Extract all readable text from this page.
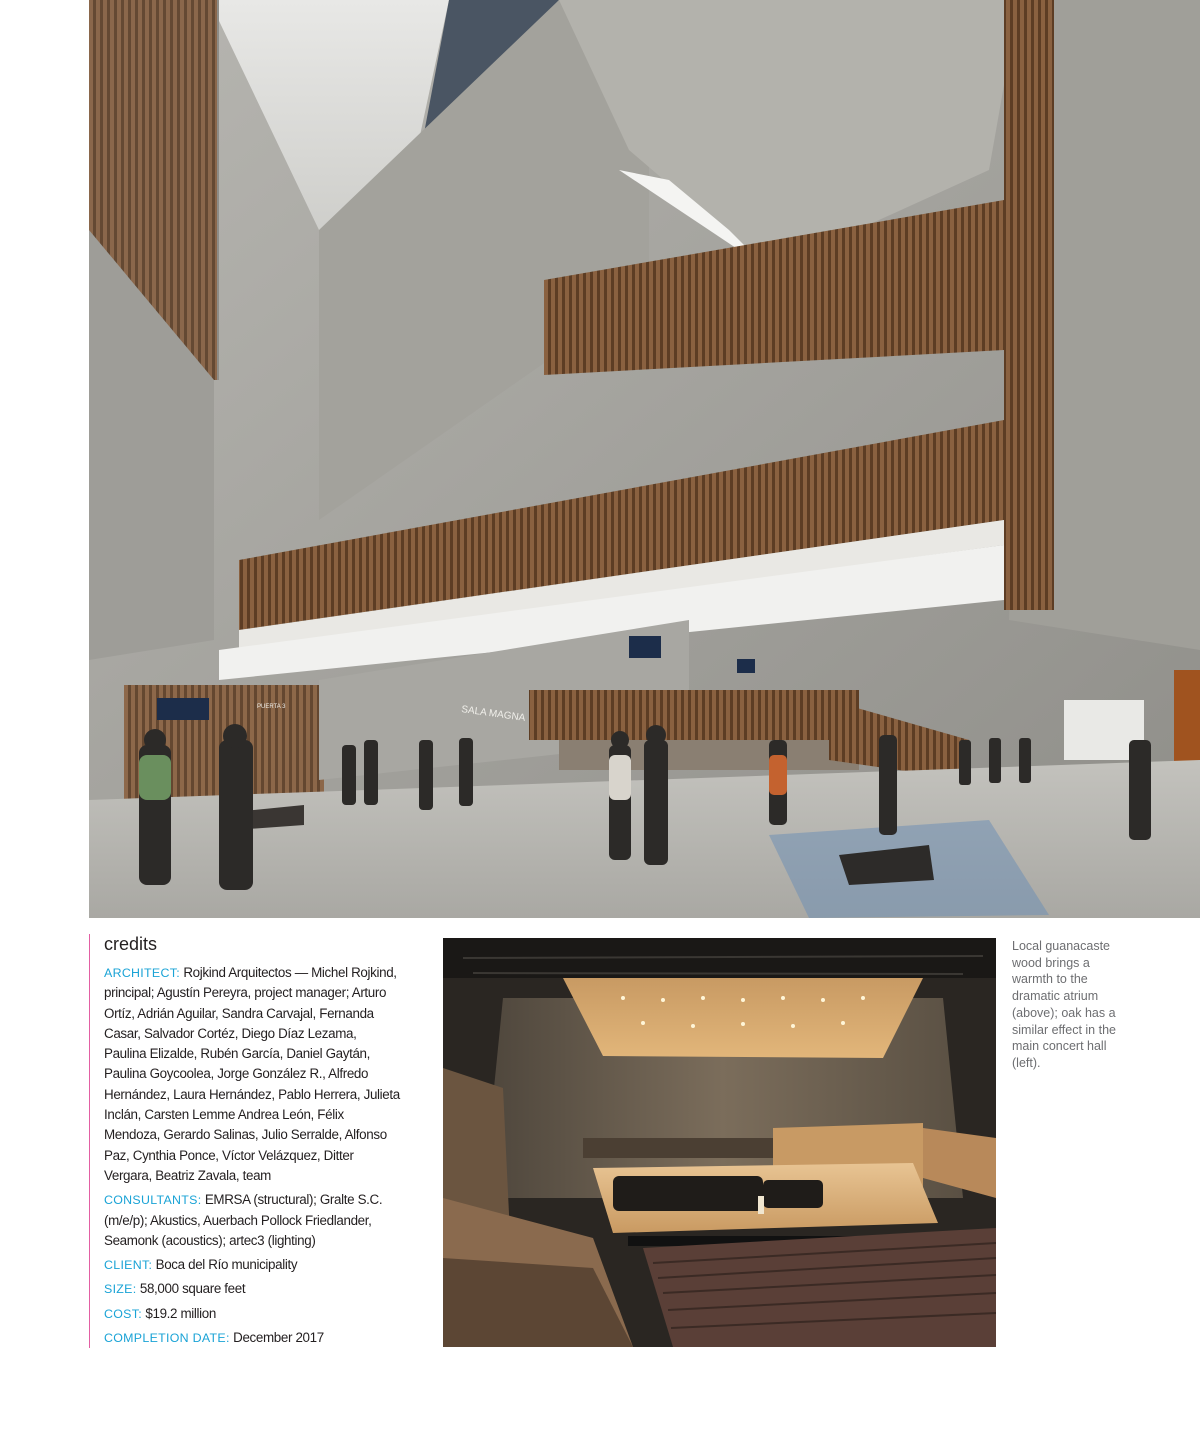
SALA MAGNA
PUERTA 3
credits
ARCHITECT: Rojkind Arquitectos — Michel Rojkind, principal; Agustín Pereyra, project manager; Arturo Ortíz, Adrián Aguilar, Sandra Carvajal, Fernanda Casar, Salvador Cortéz, Diego Díaz Lezama, Paulina Elizalde, Rubén García, Daniel Gaytán, Paulina Goycoolea, Jorge González R., Alfredo Hernández, Laura Hernández, Pablo Herrera, Julieta Inclán, Carsten Lemme Andrea León, Félix Mendoza, Gerardo Salinas, Julio Serralde, Alfonso Paz, Cynthia Ponce, Víctor Velázquez, Ditter Vergara, Beatriz Zavala, team
CONSULTANTS: EMRSA (structural); Gralte S.C. (m/e/p); Akustics, Auerbach Pollock Friedlander, Seamonk (acoustics); artec3 (lighting)
CLIENT: Boca del Río municipality
SIZE: 58,000 square feet
COST: $19.2 million
COMPLETION DATE: December 2017

Local guanacaste wood brings a warmth to the dramatic atrium (above); oak has a similar effect in the main concert hall (left).
